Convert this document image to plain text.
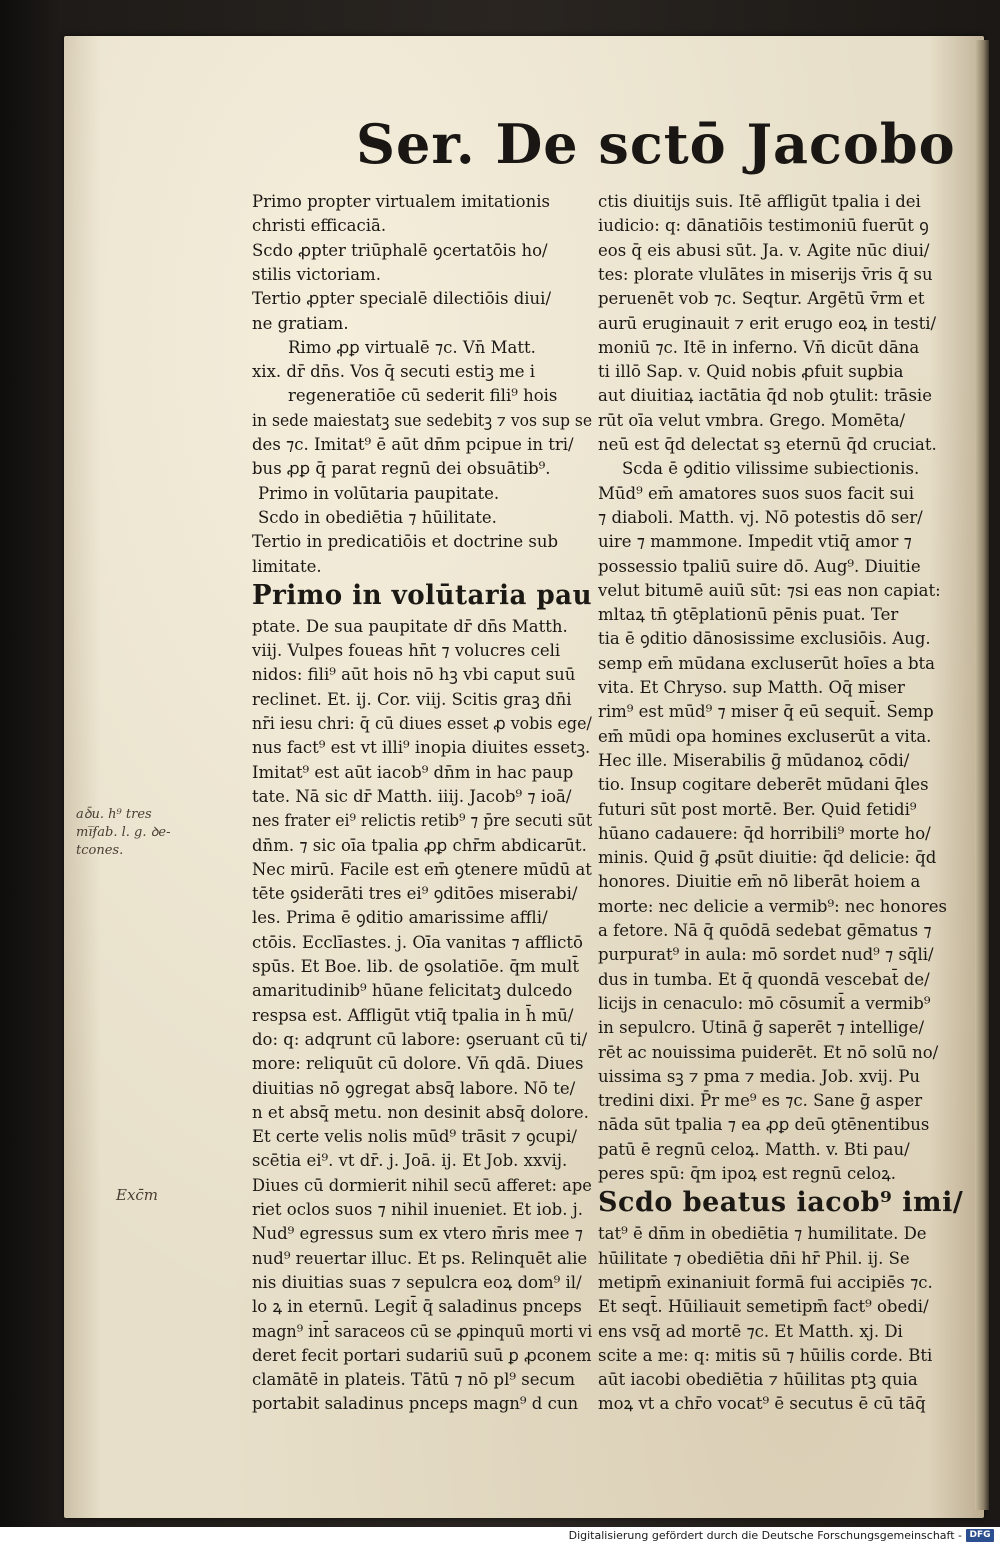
Ser. De sctō Jacobo
Primo propter virtualem imitationis
christi efficaciā.
Scdo ꝓpter triūphalē ꝯcertatōis ho/
stilis victoriam.
Tertio ꝓpter specialē dilectiōis diui/
ne gratiam.
Rimo ꝓꝑ virtualē ⁊c. Vn̄ Matt.
xix. dr̄ dn̄s. Vos q̄ secuti estiꝫ me i
regeneratiōe cū sederit fili⁹ hois
in sede maiestatꝫ sue sedebitꝫ ⁊ vos sup se
des ⁊c. Imitat⁹ ē aūt dn̄m pcipue in tri/
bus ꝓꝑ q̄ parat regnū dei obsuātib⁹.
Primo in volūtaria paupitate.
Scdo in obediētia ⁊ hūilitate.
Tertio in predicatiōis et doctrine sub
limitate.
Primo in volūtaria pau
ptate. De sua paupitate dr̄ dn̄s Matth.
viij. Vulpes foueas hn̄t ⁊ volucres celi
nidos: fili⁹ aūt hois nō hꝫ vbi caput suū
reclinet. Et. ij. Cor. viij. Scitis graꝫ dn̄i
nr̄i iesu chri: q̄ cū diues esset ꝓ vobis ege/
nus fact⁹ est vt illi⁹ inopia diuites essetꝫ.
Imitat⁹ est aūt iacob⁹ dn̄m in hac paup
tate. Nā sic dr̄ Matth. iiij. Jacob⁹ ⁊ ioā/
nes frater ei⁹ relictis retib⁹ ⁊ p̄re secuti sūt
dn̄m. ⁊ sic oīa tpalia ꝓꝑ chr̄m abdicarūt.
Nec mirū. Facile est em̄ ꝯtenere mūdū at
tēte ꝯsiderāti tres ei⁹ ꝯditōes miserabi/
les. Prima ē ꝯditio amarissime affli/
ctōis. Ecclīastes. j. Oīa vanitas ⁊ afflictō
spūs. Et Boe. lib. de ꝯsolatiōe. q̄m mult̄
amaritudinib⁹ hūane felicitatꝫ dulcedo
respsa est. Affligūt vtiq̄ tpalia in h̄ mū/
do: q: adqrunt cū labore: ꝯseruant cū ti/
more: reliquūt cū dolore. Vn̄ qdā. Diues
diuitias nō ꝯgregat absq̄ labore. Nō te/
n et absq̄ metu. non desinit absq̄ dolore.
Et certe velis nolis mūd⁹ trāsit ⁊ ꝯcupi/
scētia ei⁹. vt dr̄. j. Joā. ij. Et Job. xxvij.
Diues cū dormierit nihil secū afferet: ape
riet oclos suos ⁊ nihil inueniet. Et iob. j.
Nud⁹ egressus sum ex vtero m̄ris mee ⁊
nud⁹ reuertar illuc. Et ps. Relinquēt alie
nis diuitias suas ⁊ sepulcra eoꝝ dom⁹ il/
lo ꝝ in eternū. Legit̄ q̄ saladinus pnceps
magn⁹ int̄ saraceos cū se ꝓpinquū morti vi
deret fecit portari sudariū suū ꝑ ꝓconem
clamātē in plateis. Tātū ⁊ nō pl⁹ secum
portabit saladinus pnceps magn⁹ d cun
ctis diuitijs suis. Itē affligūt tpalia i dei
iudicio: q: dānatiōis testimoniū fuerūt ꝯ
eos q̄ eis abusi sūt. Ja. v. Agite nūc diui/
tes: plorate vlulātes in miserijs v̄ris q̄ su
peruenēt vob ⁊c. Seqtur. Argētū v̄rm et
aurū eruginauit ⁊ erit erugo eoꝝ in testi/
moniū ⁊c. Itē in inferno. Vn̄ dicūt dāna
ti illō Sap. v. Quid nobis ꝓfuit suꝑbia
aut diuitiaꝝ iactātia q̄d nob ꝯtulit: trāsie
rūt oīa velut vmbra. Grego. Momēta/
neū est q̄d delectat sꝫ eternū q̄d cruciat.
Scda ē ꝯditio vilissime subiectionis.
Mūd⁹ em̄ amatores suos suos facit sui
⁊ diaboli. Matth. vj. Nō potestis dō ser/
uire ⁊ mammone. Impedit vtiq̄ amor ⁊
possessio tpaliū suire dō. Aug⁹. Diuitie
velut bitumē auiū sūt: ⁊si eas non capiat:
mltaꝝ tn̄ ꝯtēplationū pēnis puat. Ter
tia ē ꝯditio dānosissime exclusiōis. Aug.
semp em̄ mūdana excluserūt hoīes a bta
vita. Et Chryso. sup Matth. Oq̄ miser
rim⁹ est mūd⁹ ⁊ miser q̄ eū sequit̄. Semp
em̄ mūdi opa homines excluserūt a vita.
Hec ille. Miserabilis ḡ mūdanoꝝ cōdi/
tio. Insup cogitare deberēt mūdani q̄les
futuri sūt post mortē. Ber. Quid fetidi⁹
hūano cadauere: q̄d horribili⁹ morte ho/
minis. Quid ḡ ꝓsūt diuitie: q̄d delicie: q̄d
honores. Diuitie em̄ nō liberāt hoiem a
morte: nec delicie a vermib⁹: nec honores
a fetore. Nā q̄ quōdā sedebat gēmatus ⁊
purpurat⁹ in aula: mō sordet nud⁹ ⁊ sq̄li/
dus in tumba. Et q̄ quondā vescebat̄ de/
licijs in cenaculo: mō cōsumit̄ a vermib⁹
in sepulcro. Utinā ḡ saperēt ⁊ intellige/
rēt ac nouissima puiderēt. Et nō solū no/
uissima sꝫ ⁊ pma ⁊ media. Job. xvij. Pu
tredini dixi. P̄r me⁹ es ⁊c. Sane ḡ asper
nāda sūt tpalia ⁊ ea ꝓꝑ deū ꝯtēnentibus
patū ē regnū celoꝝ. Matth. v. Bti pau/
peres spū: q̄m ipoꝝ est regnū celoꝝ.
Scdo beatus iacob⁹ imi/
tat⁹ ē dn̄m in obediētia ⁊ humilitate. De
hūilitate ⁊ obediētia dn̄i hr̄ Phil. ij. Se
metipm̄ exinaniuit formā fui accipiēs ⁊c.
Et seqt̄. Hūiliauit semetipm̄ fact⁹ obedi/
ens vsq̄ ad mortē ⁊c. Et Matth. xj. Di
scite a me: q: mitis sū ⁊ hūilis corde. Bti
aūt iacobi obediētia ⁊ hūilitas ptꝫ quia
moꝝ vt a chr̄o vocat⁹ ē secutus ē cū tāq̄
aꝺ̄u. h⁹ tres
mi̅ẜab. l. g. ꝺe-
tcones.
Exc̄m
Digitalisierung gefördert durch die Deutsche Forschungsgemeinschaft - DFG
